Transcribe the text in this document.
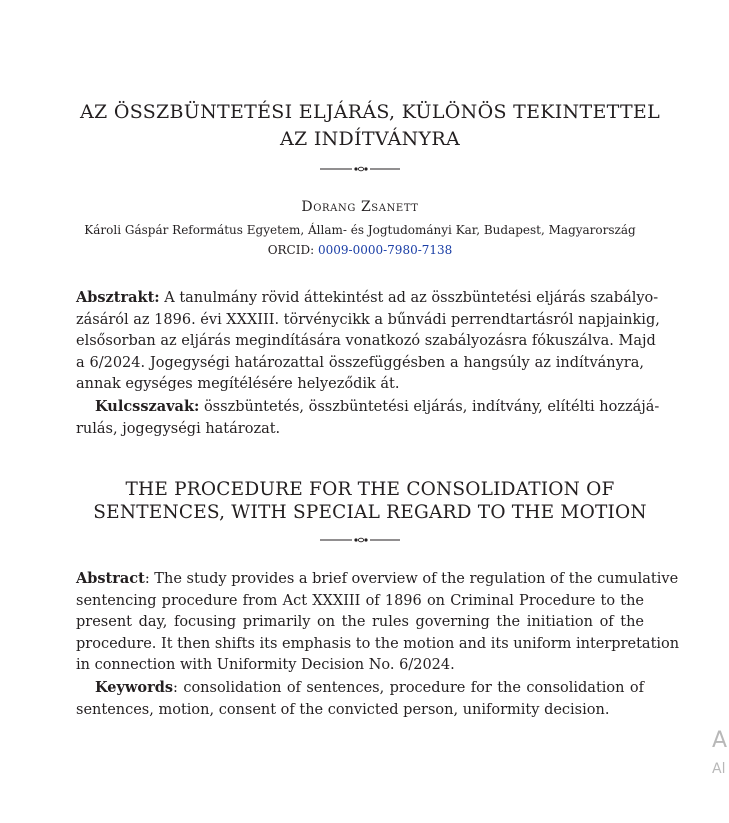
AZ ÖSSZBÜNTETÉSI ELJÁRÁS, KÜLÖNÖS TEKINTETTEL
AZ INDÍTVÁNYRA
Dorang Zsanett
Károli Gáspár Református Egyetem, Állam- és Jogtudományi Kar, Budapest, Magyarország
ORCID: 0009-0000-7980-7138
Absztrakt: A tanulmány rövid áttekintést ad az összbüntetési eljárás szabályo-
zásáról az 1896. évi XXXIII. törvénycikk a bűnvádi perrendtartásról napjainkig,
elsősorban az eljárás megindítására vonatkozó szabályozásra fókuszálva. Majd
a 6/2024. Jogegységi határozattal összefüggésben a hangsúly az indítványra,
annak egységes megítélésére helyeződik át.
Kulcsszavak: összbüntetés, összbüntetési eljárás, indítvány, elítélti hozzájá-
rulás, jogegységi határozat.
THE PROCEDURE FOR THE CONSOLIDATION OF
SENTENCES, WITH SPECIAL REGARD TO THE MOTION
Abstract: The study provides a brief overview of the regulation of the cumulative
sentencing procedure from Act XXXIII of 1896 on Criminal Procedure to the
present day, focusing primarily on the rules governing the initiation of the
procedure. It then shifts its emphasis to the motion and its uniform interpretation
in connection with Uniformity Decision No. 6/2024.
Keywords: consolidation of sentences, procedure for the consolidation of
sentences, motion, consent of the convicted person, uniformity decision.
A
Al
